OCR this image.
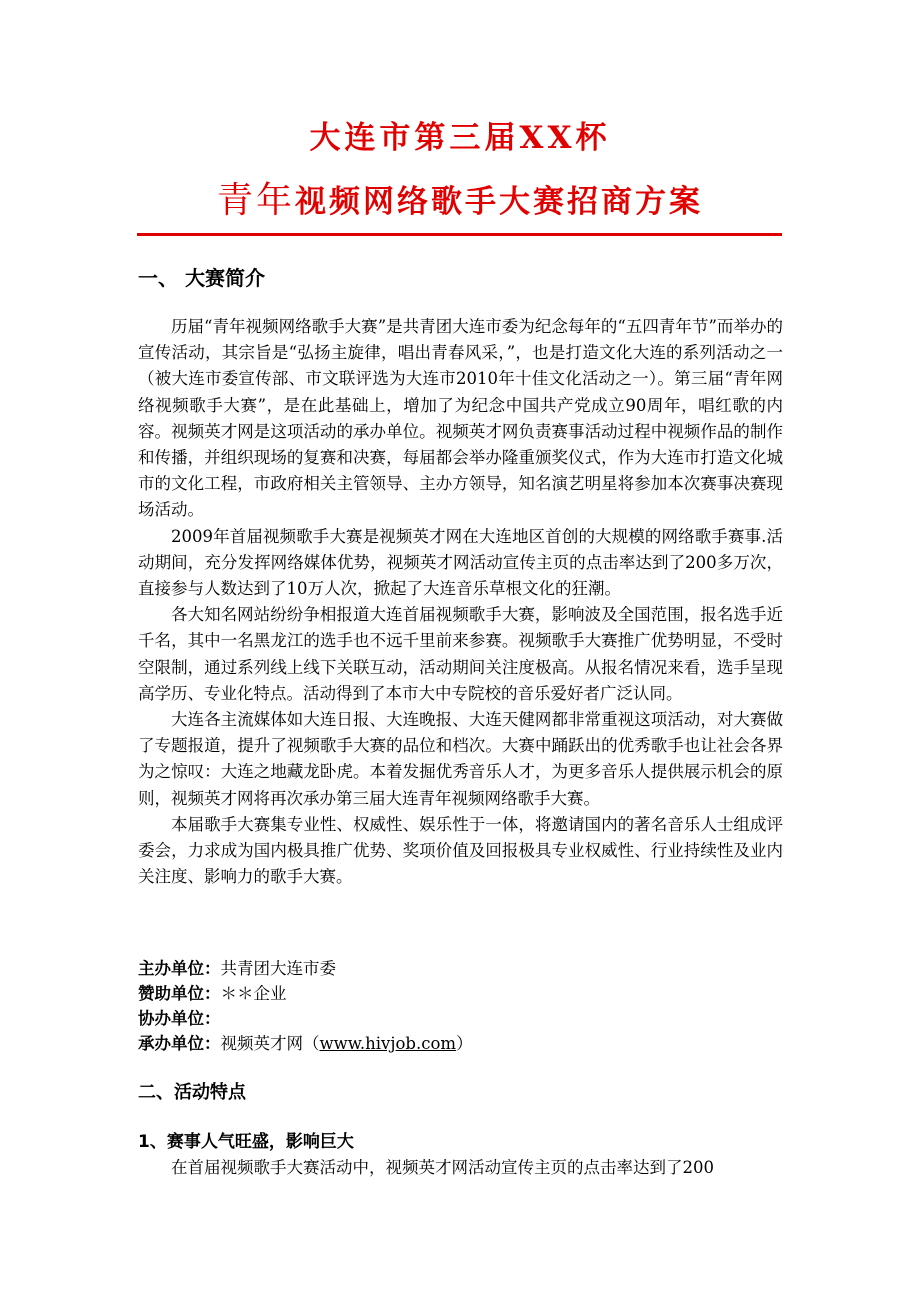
大连市第三届XX杯
青年视频网络歌手大赛招商方案
一、 大赛简介

历届“青年视频网络歌手大赛”是共青团大连市委为纪念每年的“五四青年节”而举办的宣传活动，其宗旨是“弘扬主旋律，唱出青春风采，”，也是打造文化大连的系列活动之一（被大连市委宣传部、市文联评选为大连市2010年十佳文化活动之一）。第三届“青年网络视频歌手大赛”，是在此基础上，增加了为纪念中国共产党成立90周年，唱红歌的内容。视频英才网是这项活动的承办单位。视频英才网负责赛事活动过程中视频作品的制作和传播，并组织现场的复赛和决赛，每届都会举办隆重颁奖仪式，作为大连市打造文化城市的文化工程，市政府相关主管领导、主办方领导，知名演艺明星将参加本次赛事决赛现场活动。

2009年首届视频歌手大赛是视频英才网在大连地区首创的大规模的网络歌手赛事.活动期间，充分发挥网络媒体优势，视频英才网活动宣传主页的点击率达到了200多万次，直接参与人数达到了10万人次，掀起了大连音乐草根文化的狂潮。

各大知名网站纷纷争相报道大连首届视频歌手大赛，影响波及全国范围，报名选手近千名，其中一名黑龙江的选手也不远千里前来参赛。视频歌手大赛推广优势明显，不受时空限制，通过系列线上线下关联互动，活动期间关注度极高。从报名情况来看，选手呈现高学历、专业化特点。活动得到了本市大中专院校的音乐爱好者广泛认同。

大连各主流媒体如大连日报、大连晚报、大连天健网都非常重视这项活动，对大赛做了专题报道，提升了视频歌手大赛的品位和档次。大赛中踊跃出的优秀歌手也让社会各界为之惊叹：大连之地藏龙卧虎。本着发掘优秀音乐人才，为更多音乐人提供展示机会的原则，视频英才网将再次承办第三届大连青年视频网络歌手大赛。

本届歌手大赛集专业性、权威性、娱乐性于一体，将邀请国内的著名音乐人士组成评委会，力求成为国内极具推广优势、奖项价值及回报极具专业权威性、行业持续性及业内关注度、影响力的歌手大赛。

主办单位：共青团大连市委
赞助单位：＊＊企业
协办单位：
承办单位：视频英才网（www.hivjob.com）
二、活动特点
1、赛事人气旺盛，影响巨大
在首届视频歌手大赛活动中，视频英才网活动宣传主页的点击率达到了200
